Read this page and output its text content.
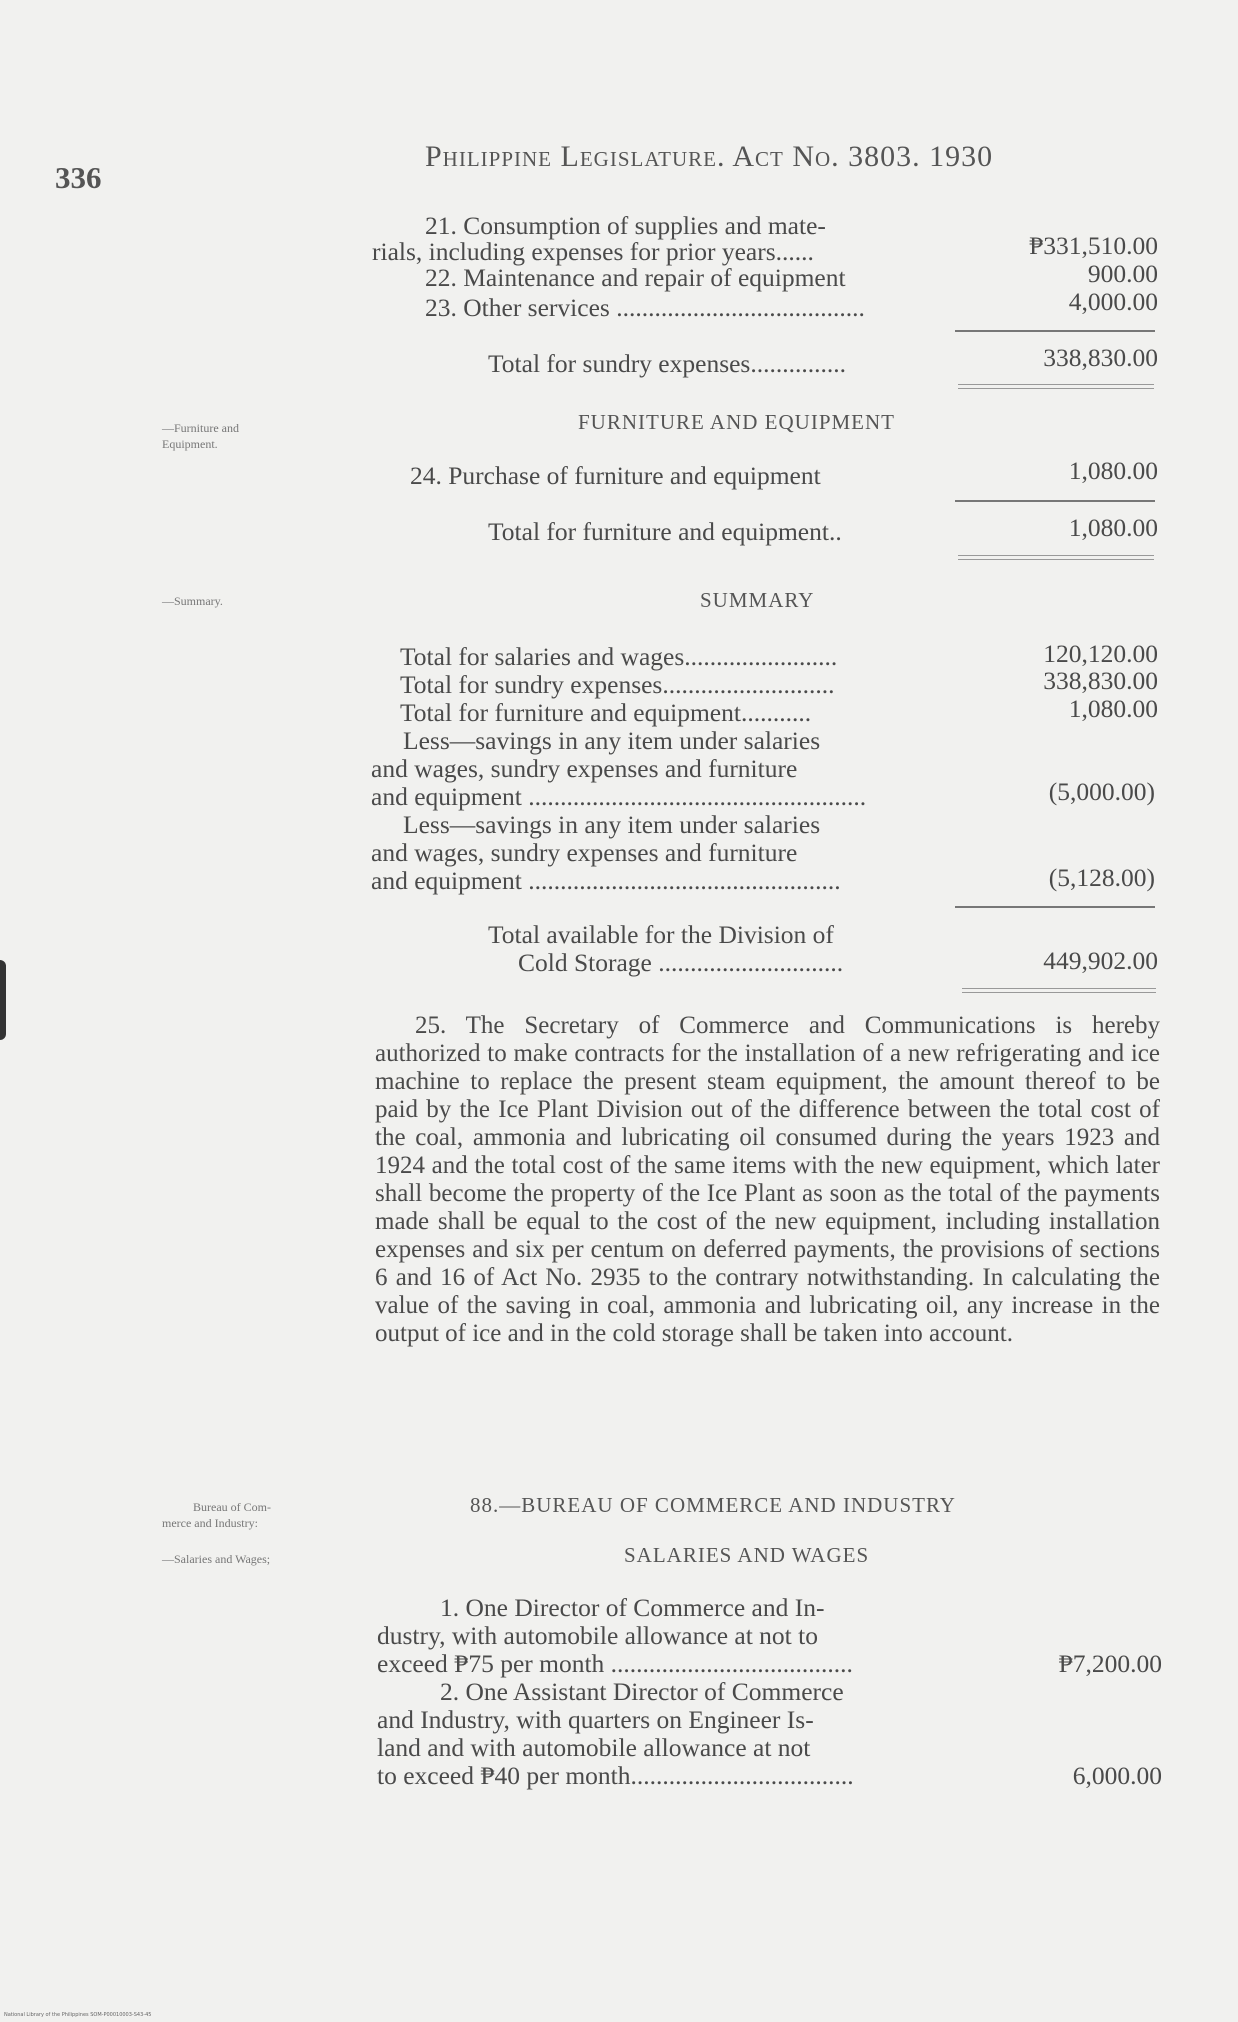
336
Philippine Legislature. Act No. 3803. 1930
21. Consumption of supplies and mate-
rials, including expenses for prior years......	₱331,510.00
22. Maintenance and repair of equipment	900.00
23. Other services .......................................	4,000.00
Total for sundry expenses...............	338,830.00
—Furniture and
Equipment.
FURNITURE AND EQUIPMENT
24. Purchase of furniture and equipment	1,080.00
Total for furniture and equipment..	1,080.00
—Summary.	SUMMARY
Total for salaries and wages........................	120,120.00
Total for sundry expenses...........................	338,830.00
Total for furniture and equipment...........	1,080.00
Less—savings in any item under salaries
and wages, sundry expenses and furniture
and equipment .....................................................	(5,000.00)
Less—savings in any item under salaries
and wages, sundry expenses and furniture
and equipment .................................................	(5,128.00)
Total available for the Division of
Cold Storage .............................	449,902.00

25. The Secretary of Commerce and Communications is hereby authorized to make contracts for the installation of a new refrigerating and ice machine to replace the present steam equipment, the amount thereof to be paid by the Ice Plant Division out of the difference between the total cost of the coal, ammonia and lubricating oil consumed during the years 1923 and 1924 and the total cost of the same items with the new equipment, which later shall become the property of the Ice Plant as soon as the total of the payments made shall be equal to the cost of the new equipment, including installation expenses and six per centum on deferred payments, the provisions of sections 6 and 16 of Act No. 2935 to the contrary notwithstanding. In calculating the value of the saving in coal, ammonia and lubricating oil, any increase in the output of ice and in the cold storage shall be taken into account.

Bureau of Com-
merce and Industry:
—Salaries and Wages;
88.—BUREAU OF COMMERCE AND INDUSTRY
SALARIES AND WAGES
1. One Director of Commerce and In-
dustry, with automobile allowance at not to
exceed ₱75 per month ......................................	₱7,200.00
2. One Assistant Director of Commerce
and Industry, with quarters on Engineer Is-
land and with automobile allowance at not
to exceed ₱40 per month...................................	6,000.00
National Library of the Philippines SOM-P00010003-S43-45
